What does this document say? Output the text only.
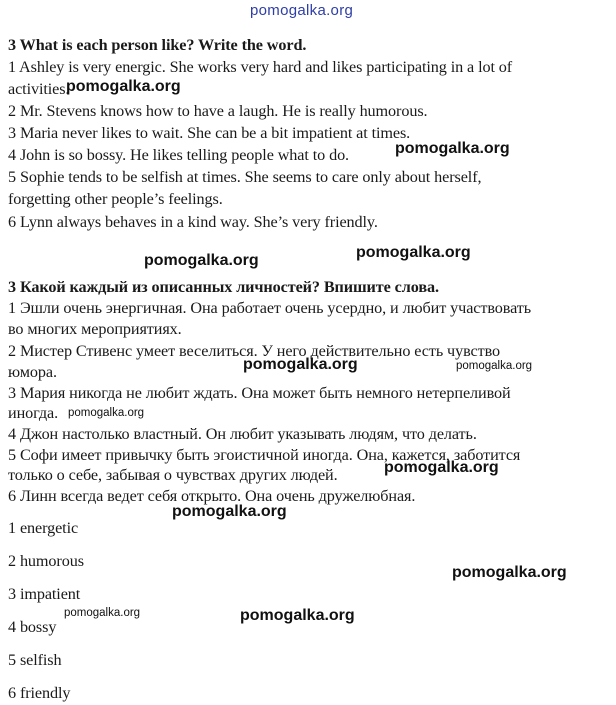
pomogalka.org
3 What is each person like? Write the word.
1 Ashley is very energic. She works very hard and likes participating in a lot of
activities.
2 Mr. Stevens knows how to have a laugh. He is really humorous.
3 Maria never likes to wait. She can be a bit impatient at times.
4 John is so bossy. He likes telling people what to do.
5 Sophie tends to be selfish at times. She seems to care only about herself,
forgetting other people’s feelings.
6 Lynn always behaves in a kind way. She’s very friendly.
3 Какой каждый из описанных личностей? Впишите слова.
1 Эшли очень энергичная. Она работает очень усердно, и любит участвовать
во многих мероприятиях.
2 Мистер Стивенс умеет веселиться. У него действительно есть чувство
юмора.
3 Мария никогда не любит ждать. Она может быть немного нетерпеливой
иногда.
4 Джон настолько властный. Он любит указывать людям, что делать.
5 Софи имеет привычку быть эгоистичной иногда. Она, кажется, заботится
только о себе, забывая о чувствах других людей.
6 Линн всегда ведет себя открыто. Она очень дружелюбная.
1 energetic
2 humorous
3 impatient
4 bossy
5 selfish
6 friendly
pomogalka.org
pomogalka.org
pomogalka.org
pomogalka.org
pomogalka.org	pomogalka.org
pomogalka.org
pomogalka.org
pomogalka.org
pomogalka.org
pomogalka.org	pomogalka.org
